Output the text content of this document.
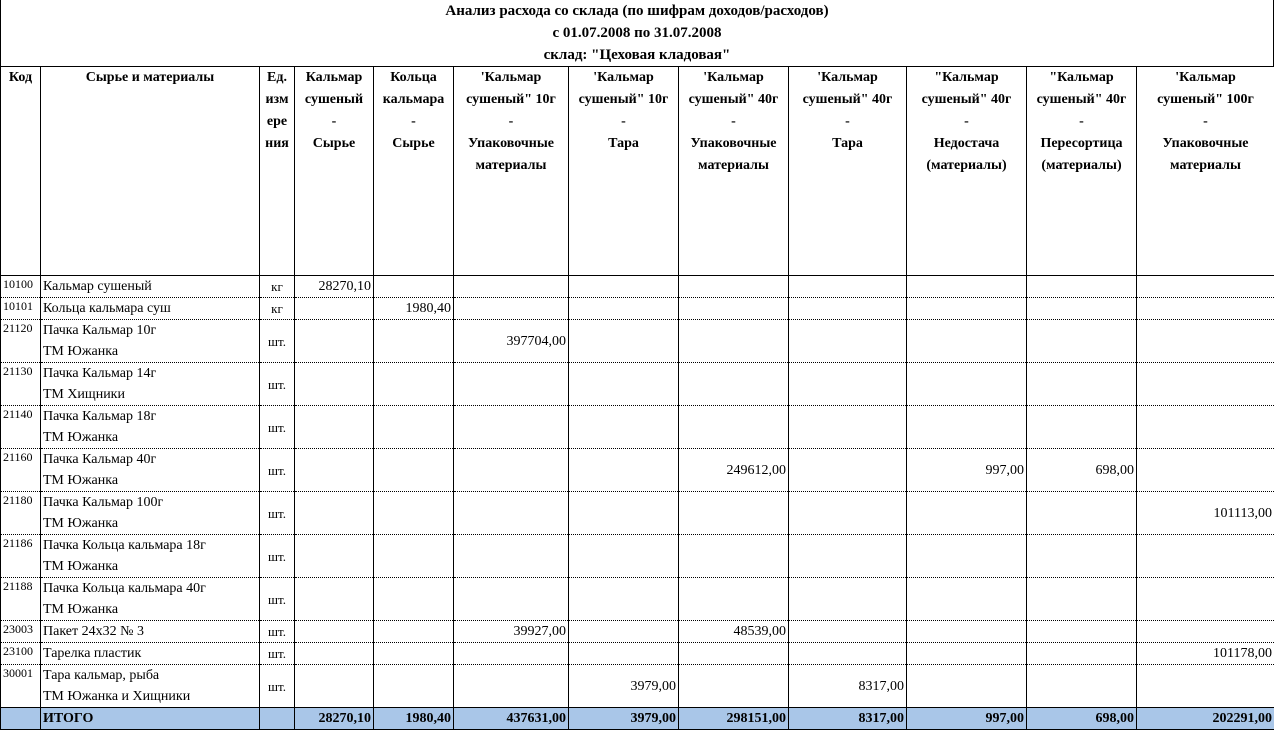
Анализ расхода со склада (по шифрам доходов/расходов)
с 01.07.2008 по 31.07.2008
склад: "Цеховая кладовая"
Код	Сырье и материалы	Ед.
изм
ере
ния	Кальмар
сушеный
-
Сырье	Кольца
кальмара
-
Сырье	'Кальмар
сушеный" 10г
-
Упаковочные
материалы	'Кальмар
сушеный" 10г
-
Тара	'Кальмар
сушеный" 40г
-
Упаковочные
материалы	'Кальмар
сушеный" 40г
-
Тара	"Кальмар
сушеный" 40г
-
Недостача
(материалы)	"Кальмар
сушеный" 40г
-
Пересортица
(материалы)	'Кальмар
сушеный" 100г
-
Упаковочные
материалы

10100	Кальмар сушеный	кг	28270,10								
10101	Кольца кальмара суш	кг		1980,40							
21120	Пачка Кальмар 10г
ТМ Южанка	шт.			397704,00						
21130	Пачка Кальмар 14г
ТМ Хищники	шт.									
21140	Пачка Кальмар 18г
ТМ Южанка	шт.									
21160	Пачка Кальмар 40г
ТМ Южанка	шт.					249612,00		997,00	698,00	
21180	Пачка Кальмар 100г
ТМ Южанка	шт.									101113,00
21186	Пачка Кольца кальмара 18г
ТМ Южанка	шт.									
21188	Пачка Кольца кальмара 40г
ТМ Южанка	шт.									
23003	Пакет 24х32 № 3	шт.			39927,00		48539,00				
23100	Тарелка пластик	шт.									101178,00
30001	Тара кальмар, рыба
ТМ Южанка и Хищники	шт.				3979,00		8317,00			
	ИТОГО		28270,10	1980,40	437631,00	3979,00	298151,00	8317,00	997,00	698,00	202291,00
